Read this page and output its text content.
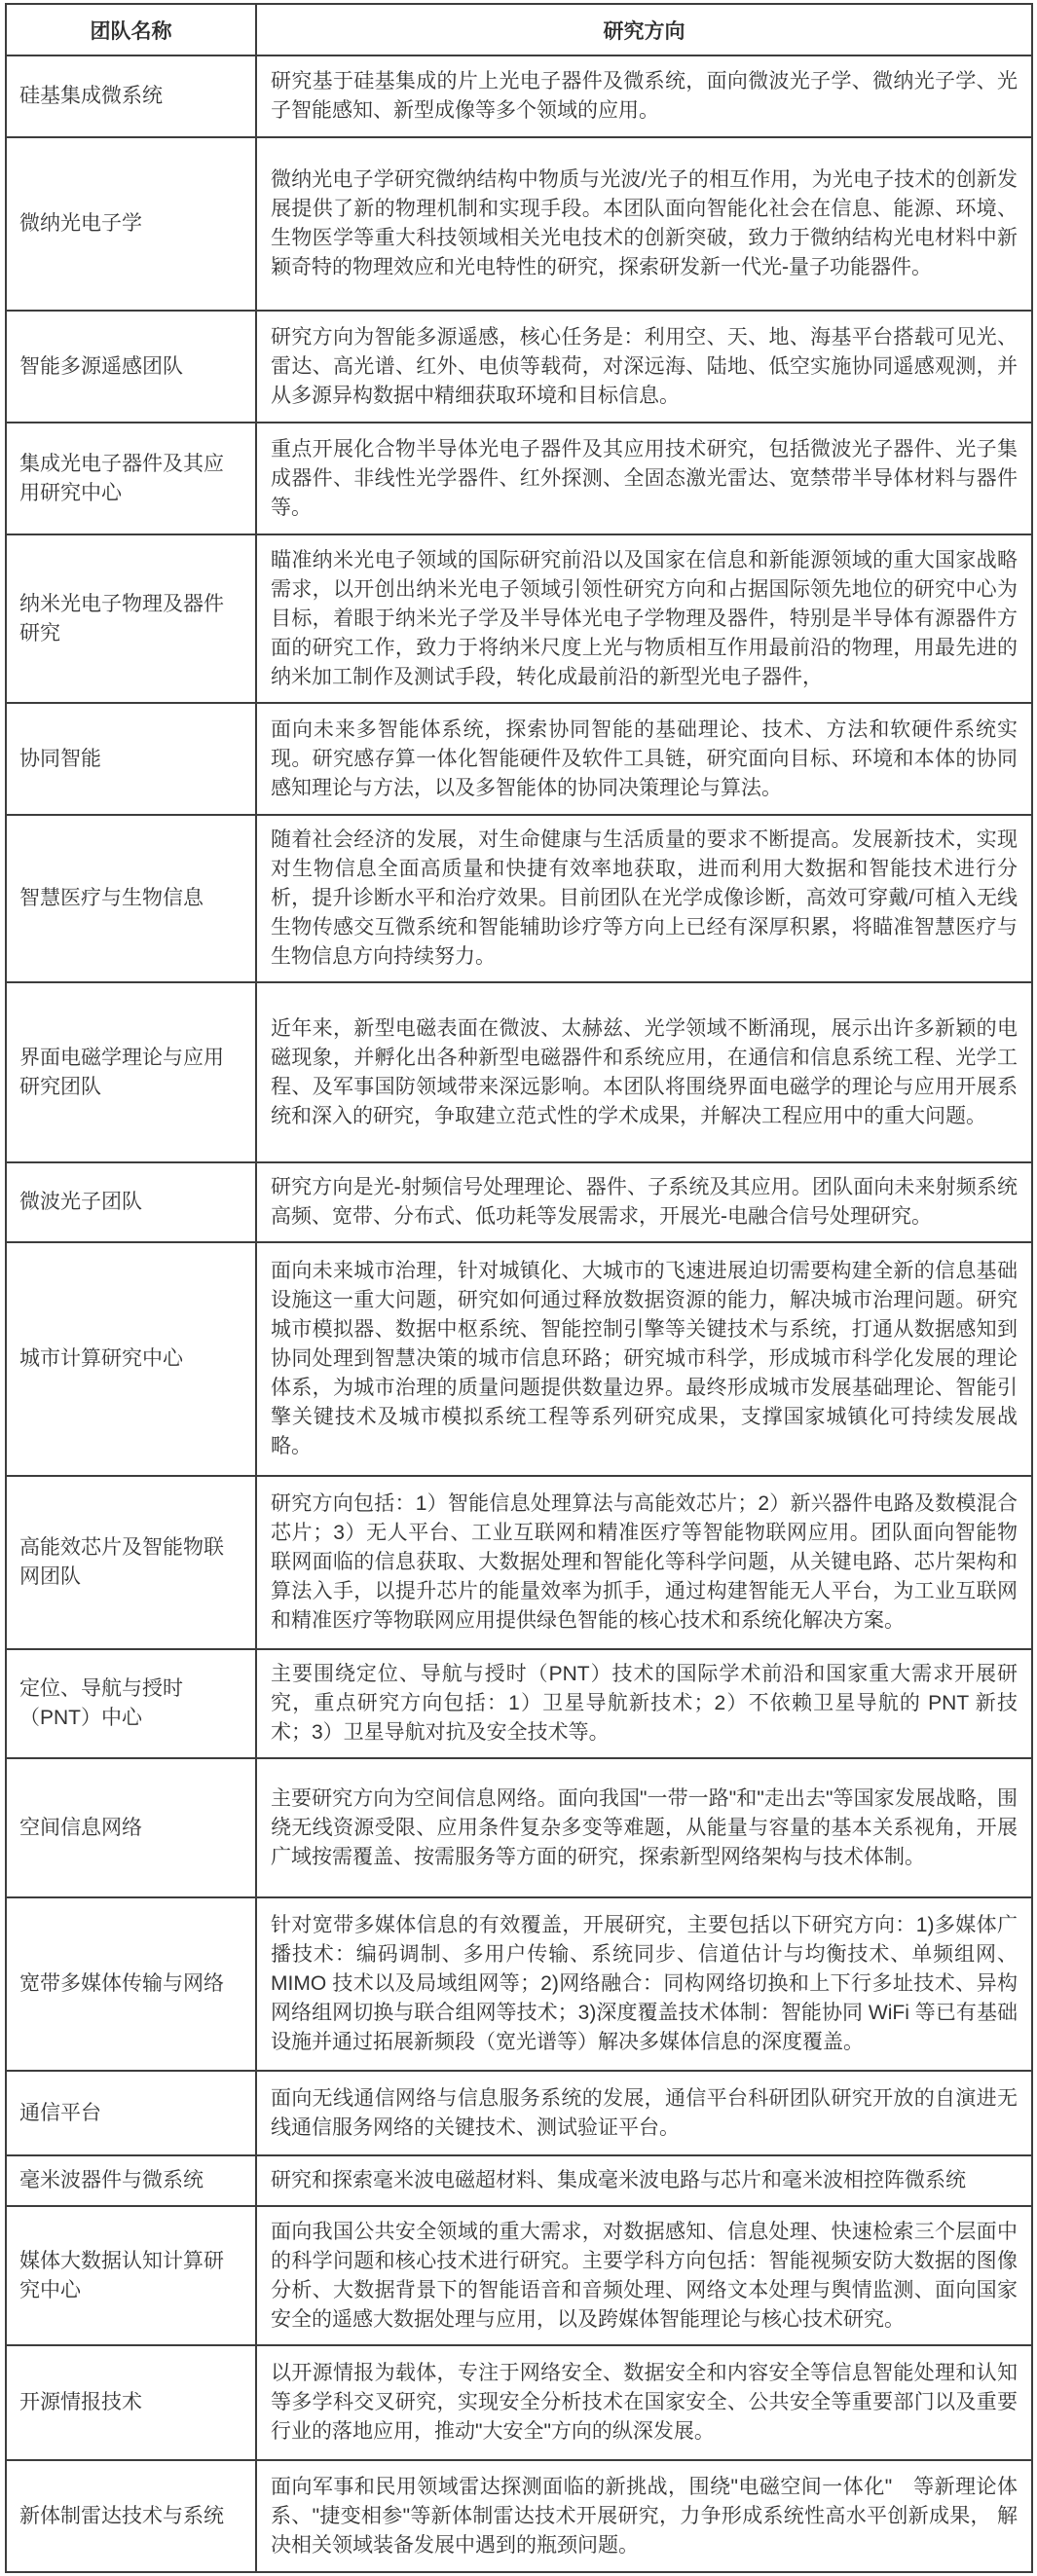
团队名称	研究方向
硅基集成微系统	研究基于硅基集成的片上光电子器件及微系统，面向微波光子学、微纳光子学、光子智能感知、新型成像等多个领域的应用。
微纳光电子学	微纳光电子学研究微纳结构中物质与光波/光子的相互作用，为光电子技术的创新发展提供了新的物理机制和实现手段。本团队面向智能化社会在信息、能源、环境、生物医学等重大科技领域相关光电技术的创新突破，致力于微纳结构光电材料中新颖奇特的物理效应和光电特性的研究，探索研发新一代光-量子功能器件。
智能多源遥感团队	研究方向为智能多源遥感，核心任务是：利用空、天、地、海基平台搭载可见光、雷达、高光谱、红外、电侦等载荷，对深远海、陆地、低空实施协同遥感观测，并从多源异构数据中精细获取环境和目标信息。
集成光电子器件及其应用研究中心	重点开展化合物半导体光电子器件及其应用技术研究，包括微波光子器件、光子集成器件、非线性光学器件、红外探测、全固态激光雷达、宽禁带半导体材料与器件等。
纳米光电子物理及器件研究	瞄准纳米光电子领域的国际研究前沿以及国家在信息和新能源领域的重大国家战略需求，以开创出纳米光电子领域引领性研究方向和占据国际领先地位的研究中心为目标，着眼于纳米光子学及半导体光电子学物理及器件，特别是半导体有源器件方面的研究工作，致力于将纳米尺度上光与物质相互作用最前沿的物理，用最先进的纳米加工制作及测试手段，转化成最前沿的新型光电子器件，
协同智能	面向未来多智能体系统，探索协同智能的基础理论、技术、方法和软硬件系统实现。研究感存算一体化智能硬件及软件工具链，研究面向目标、环境和本体的协同感知理论与方法，以及多智能体的协同决策理论与算法。
智慧医疗与生物信息	随着社会经济的发展，对生命健康与生活质量的要求不断提高。发展新技术，实现对生物信息全面高质量和快捷有效率地获取，进而利用大数据和智能技术进行分析，提升诊断水平和治疗效果。目前团队在光学成像诊断，高效可穿戴/可植入无线生物传感交互微系统和智能辅助诊疗等方向上已经有深厚积累，将瞄准智慧医疗与生物信息方向持续努力。
界面电磁学理论与应用研究团队	近年来，新型电磁表面在微波、太赫兹、光学领域不断涌现，展示出许多新颖的电磁现象，并孵化出各种新型电磁器件和系统应用，在通信和信息系统工程、光学工程、及军事国防领域带来深远影响。本团队将围绕界面电磁学的理论与应用开展系统和深入的研究，争取建立范式性的学术成果，并解决工程应用中的重大问题。
微波光子团队	研究方向是光-射频信号处理理论、器件、子系统及其应用。团队面向未来射频系统高频、宽带、分布式、低功耗等发展需求，开展光-电融合信号处理研究。
城市计算研究中心	面向未来城市治理，针对城镇化、大城市的飞速进展迫切需要构建全新的信息基础设施这一重大问题，研究如何通过释放数据资源的能力，解决城市治理问题。研究城市模拟器、数据中枢系统、智能控制引擎等关键技术与系统，打通从数据感知到协同处理到智慧决策的城市信息环路；研究城市科学，形成城市科学化发展的理论体系，为城市治理的质量问题提供数量边界。最终形成城市发展基础理论、智能引擎关键技术及城市模拟系统工程等系列研究成果，支撑国家城镇化可持续发展战略。
高能效芯片及智能物联网团队	研究方向包括：1）智能信息处理算法与高能效芯片；2）新兴器件电路及数模混合芯片；3）无人平台、工业互联网和精准医疗等智能物联网应用。团队面向智能物联网面临的信息获取、大数据处理和智能化等科学问题，从关键电路、芯片架构和算法入手，以提升芯片的能量效率为抓手，通过构建智能无人平台，为工业互联网和精准医疗等物联网应用提供绿色智能的核心技术和系统化解决方案。
定位、导航与授时（PNT）中心	主要围绕定位、导航与授时（PNT）技术的国际学术前沿和国家重大需求开展研究，重点研究方向包括：1）卫星导航新技术；2）不依赖卫星导航的 PNT 新技术；3）卫星导航对抗及安全技术等。
空间信息网络	主要研究方向为空间信息网络。面向我国"一带一路"和"走出去"等国家发展战略，围绕无线资源受限、应用条件复杂多变等难题，从能量与容量的基本关系视角，开展广域按需覆盖、按需服务等方面的研究，探索新型网络架构与技术体制。
宽带多媒体传输与网络	针对宽带多媒体信息的有效覆盖，开展研究，主要包括以下研究方向：1)多媒体广播技术：编码调制、多用户传输、系统同步、信道估计与均衡技术、单频组网、MIMO 技术以及局域组网等；2)网络融合：同构网络切换和上下行多址技术、异构网络组网切换与联合组网等技术；3)深度覆盖技术体制：智能协同 WiFi 等已有基础设施并通过拓展新频段（宽光谱等）解决多媒体信息的深度覆盖。
通信平台	面向无线通信网络与信息服务系统的发展，通信平台科研团队研究开放的自演进无线通信服务网络的关键技术、测试验证平台。
毫米波器件与微系统	研究和探索毫米波电磁超材料、集成毫米波电路与芯片和毫米波相控阵微系统
媒体大数据认知计算研究中心	面向我国公共安全领域的重大需求，对数据感知、信息处理、快速检索三个层面中的科学问题和核心技术进行研究。主要学科方向包括：智能视频安防大数据的图像分析、大数据背景下的智能语音和音频处理、网络文本处理与舆情监测、面向国家安全的遥感大数据处理与应用，以及跨媒体智能理论与核心技术研究。
开源情报技术	以开源情报为载体，专注于网络安全、数据安全和内容安全等信息智能处理和认知等多学科交叉研究，实现安全分析技术在国家安全、公共安全等重要部门以及重要行业的落地应用，推动"大安全"方向的纵深发展。
新体制雷达技术与系统	面向军事和民用领域雷达探测面临的新挑战，围绕"电磁空间一体化"　等新理论体系、"捷变相参"等新体制雷达技术开展研究，力争形成系统性高水平创新成果， 解决相关领域装备发展中遇到的瓶颈问题。
